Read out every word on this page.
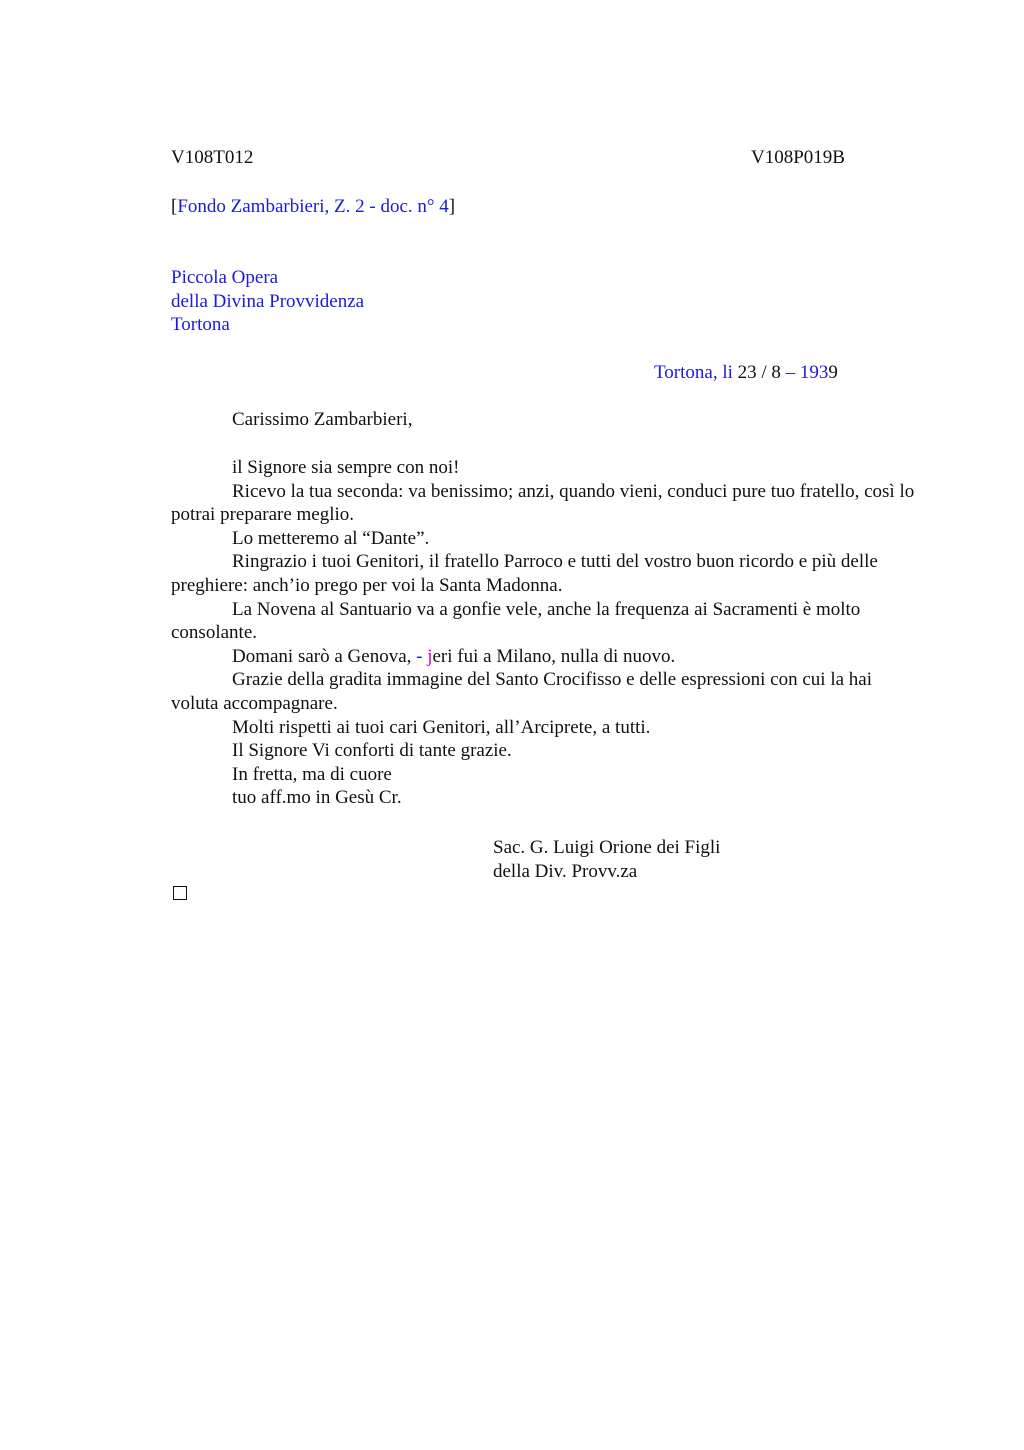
V108T012	V108P019B
[Fondo Zambarbieri, Z. 2 - doc. n° 4]
Piccola Opera
della Divina Provvidenza
Tortona
Tortona, li 23 / 8 – 1939
Carissimo Zambarbieri,

il Signore sia sempre con noi!

Ricevo la tua seconda: va benissimo; anzi, quando vieni, conduci pure tuo fratello, così lo potrai preparare meglio.

Lo metteremo al “Dante”.

Ringrazio i tuoi Genitori, il fratello Parroco e tutti del vostro buon ricordo e più delle preghiere: anch’io prego per voi la Santa Madonna.

La Novena al Santuario va a gonfie vele, anche la frequenza ai Sacramenti è molto consolante.

Domani sarò a Genova, - jeri fui a Milano, nulla di nuovo.

Grazie della gradita immagine del Santo Crocifisso e delle espressioni con cui la hai voluta accompagnare.

Molti rispetti ai tuoi cari Genitori, all’Arciprete, a tutti.

Il Signore Vi conforti di tante grazie.

In fretta, ma di cuore

tuo aff.mo in Gesù Cr.

Sac. G. Luigi Orione dei Figli
della Div. Provv.za
